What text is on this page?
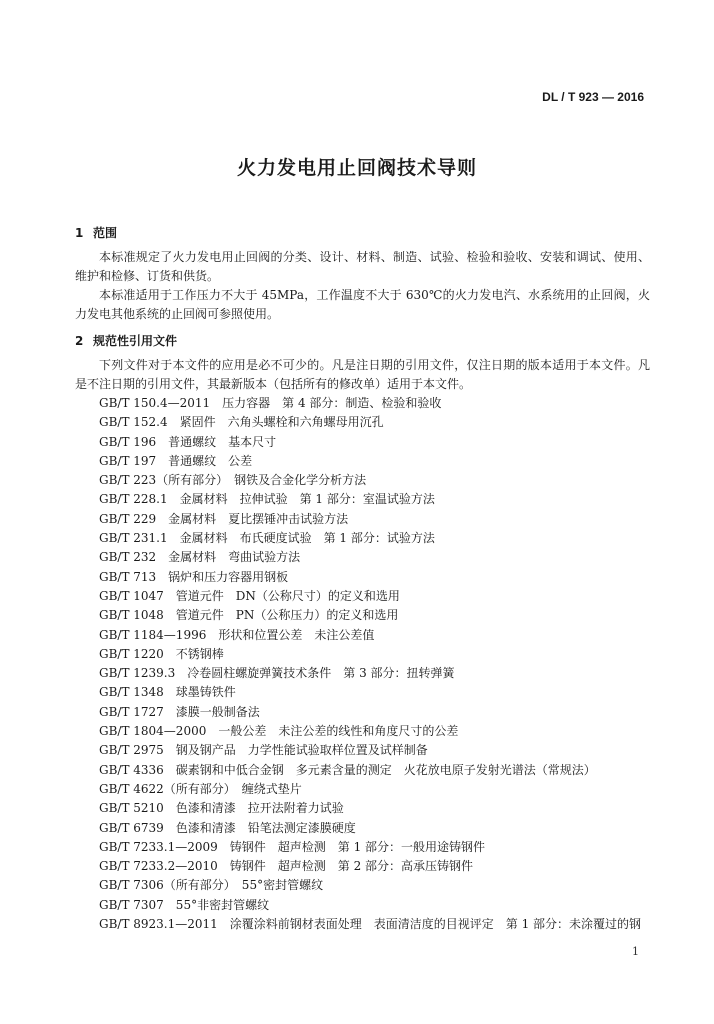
DL / T 923 — 2016
火力发电用止回阀技术导则
1 范围

本标准规定了火力发电用止回阀的分类、设计、材料、制造、试验、检验和验收、安装和调试、使用、维护和检修、订货和供货。

本标准适用于工作压力不大于 45MPa，工作温度不大于 630℃的火力发电汽、水系统用的止回阀，火力发电其他系统的止回阀可参照使用。

2 规范性引用文件

下列文件对于本文件的应用是必不可少的。凡是注日期的引用文件，仅注日期的版本适用于本文件。凡是不注日期的引用文件，其最新版本（包括所有的修改单）适用于本文件。

GB/T 150.4—2011　压力容器　第 4 部分：制造、检验和验收
GB/T 152.4　紧固件　六角头螺栓和六角螺母用沉孔
GB/T 196　普通螺纹　基本尺寸
GB/T 197　普通螺纹　公差
GB/T 223（所有部分）　钢铁及合金化学分析方法
GB/T 228.1　金属材料　拉伸试验　第 1 部分：室温试验方法
GB/T 229　金属材料　夏比摆锤冲击试验方法
GB/T 231.1　金属材料　布氏硬度试验　第 1 部分：试验方法
GB/T 232　金属材料　弯曲试验方法
GB/T 713　锅炉和压力容器用钢板
GB/T 1047　管道元件　DN（公称尺寸）的定义和选用
GB/T 1048　管道元件　PN（公称压力）的定义和选用
GB/T 1184—1996　形状和位置公差　未注公差值
GB/T 1220　不锈钢棒
GB/T 1239.3　冷卷圆柱螺旋弹簧技术条件　第 3 部分：扭转弹簧
GB/T 1348　球墨铸铁件
GB/T 1727　漆膜一般制备法
GB/T 1804—2000　一般公差　未注公差的线性和角度尺寸的公差
GB/T 2975　钢及钢产品　力学性能试验取样位置及试样制备
GB/T 4336　碳素钢和中低合金钢　多元素含量的测定　火花放电原子发射光谱法（常规法）
GB/T 4622（所有部分）　缠绕式垫片
GB/T 5210　色漆和清漆　拉开法附着力试验
GB/T 6739　色漆和清漆　铅笔法测定漆膜硬度
GB/T 7233.1—2009　铸钢件　超声检测　第 1 部分：一般用途铸钢件
GB/T 7233.2—2010　铸钢件　超声检测　第 2 部分：高承压铸钢件
GB/T 7306（所有部分）　55°密封管螺纹
GB/T 7307　55°非密封管螺纹
GB/T 8923.1—2011　涂覆涂料前钢材表面处理　表面清洁度的目视评定　第 1 部分：未涂覆过的钢
1
